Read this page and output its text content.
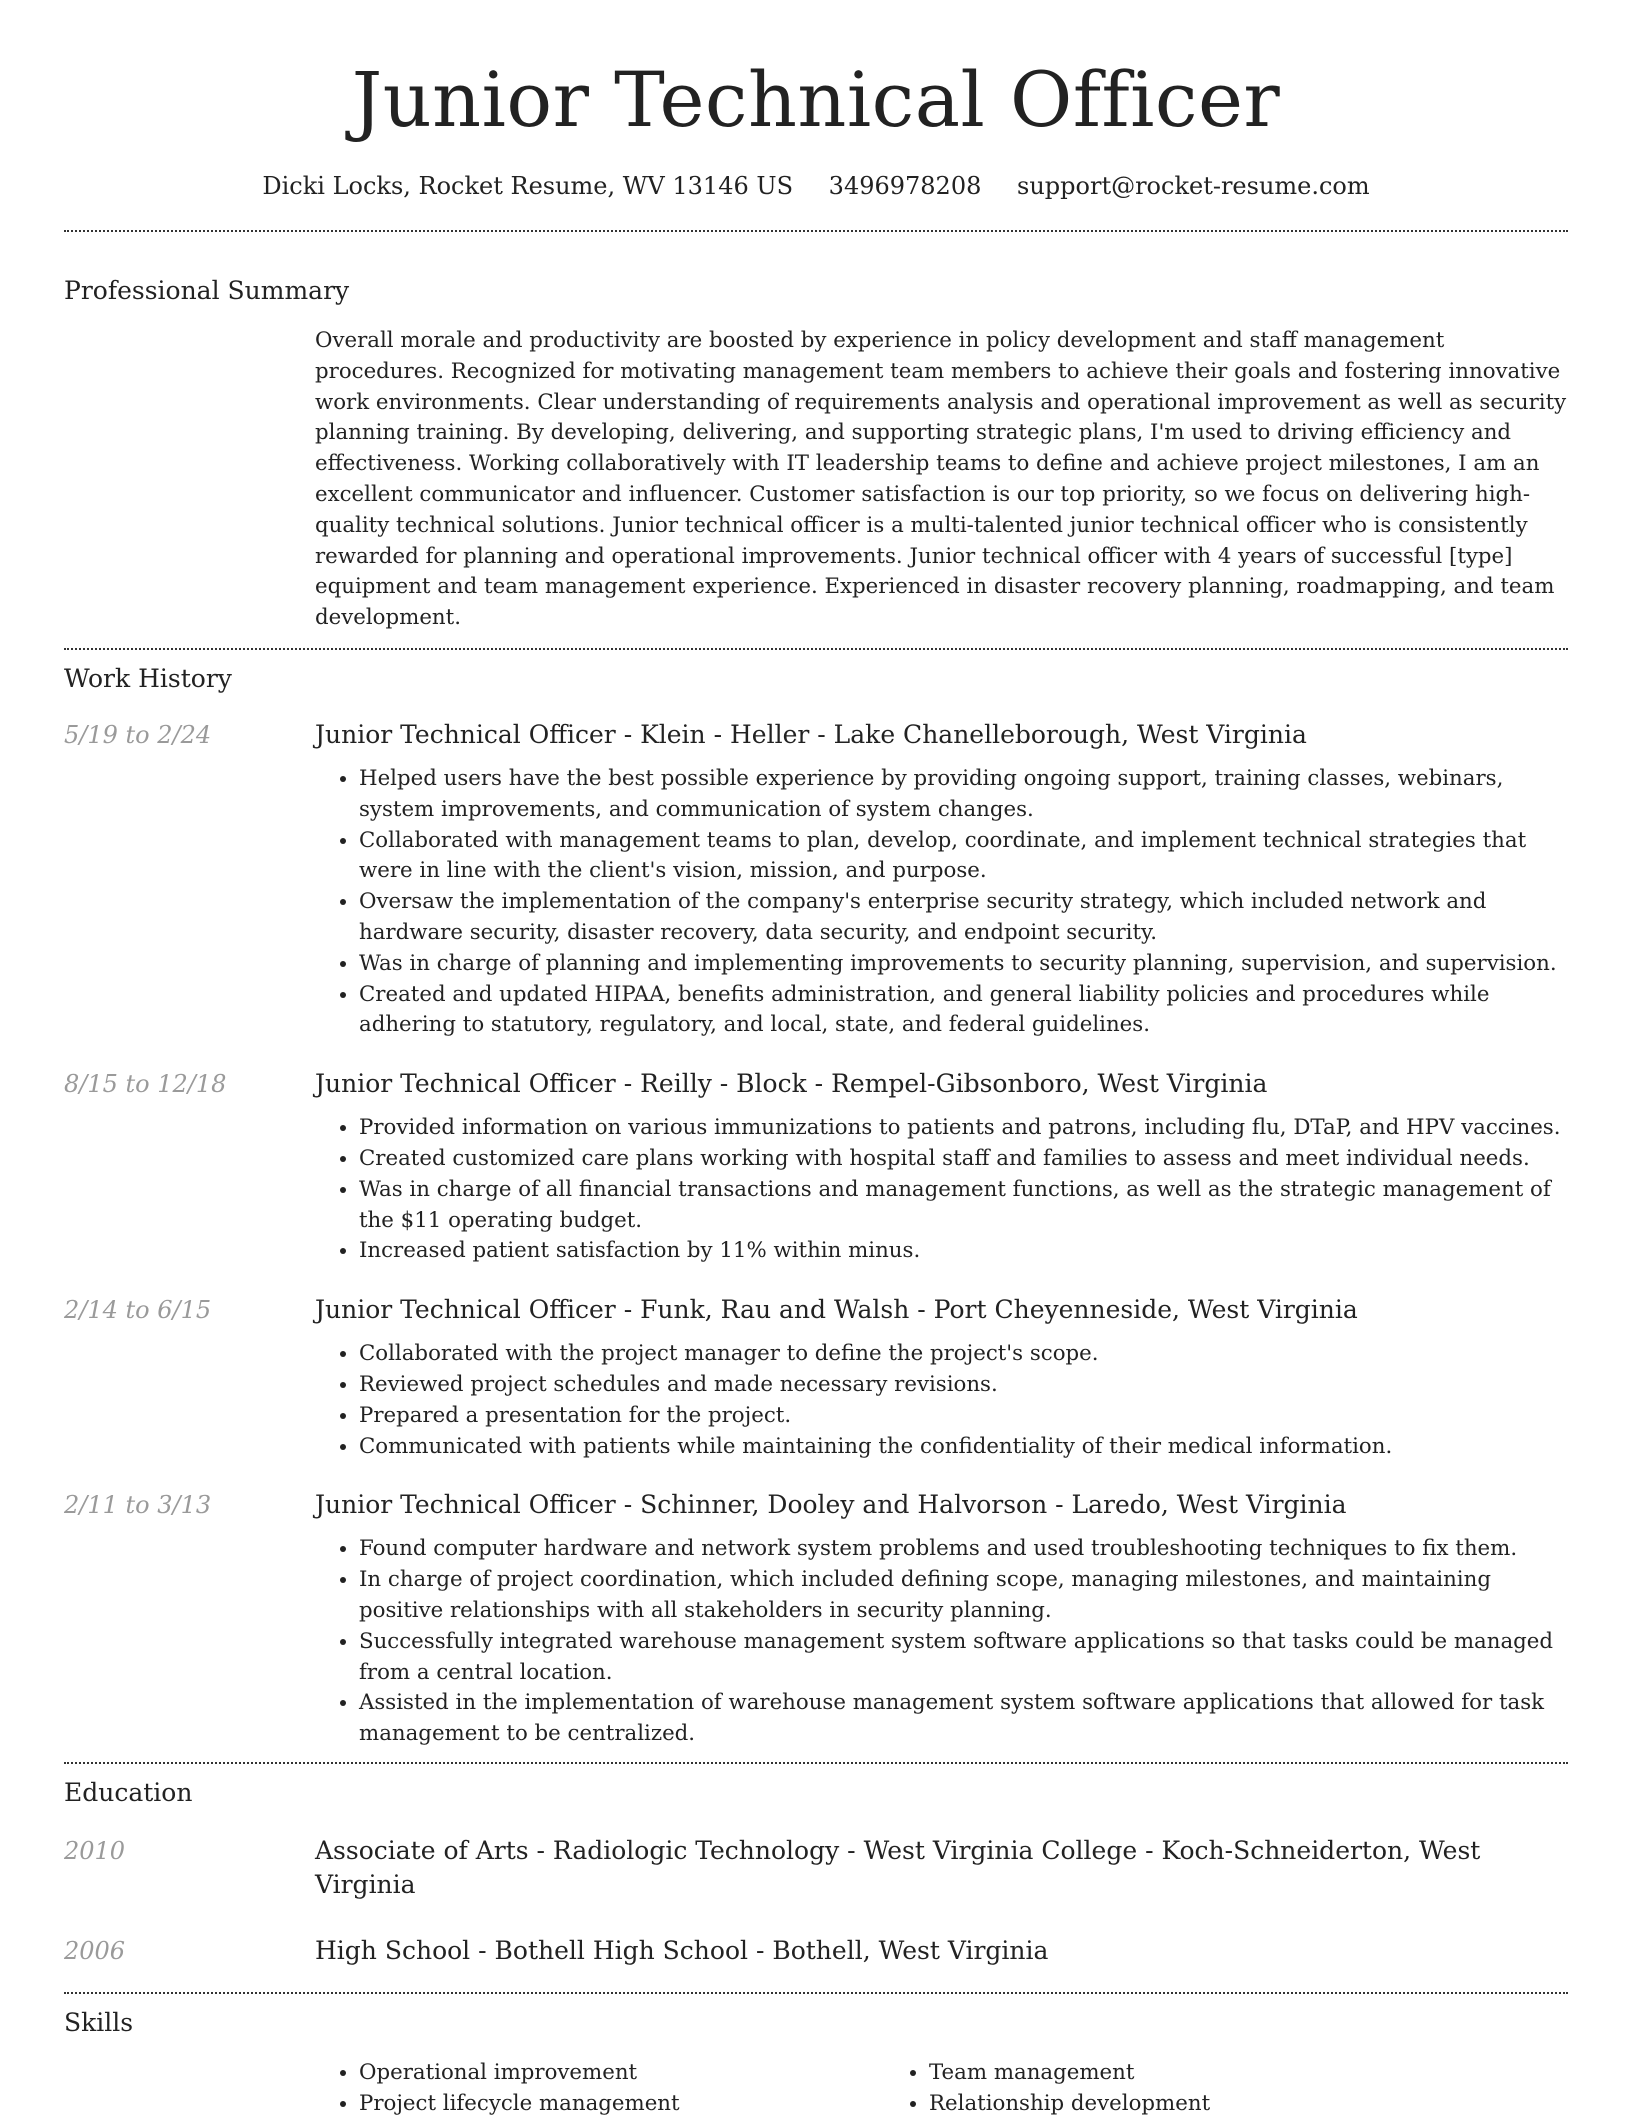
Junior Technical Officer
Dicki Locks, Rocket Resume, WV 13146 US 3496978208 support@rocket-resume.com
Professional Summary
Overall morale and productivity are boosted by experience in policy development and staff management procedures. Recognized for motivating management team members to achieve their goals and fostering innovative work environments. Clear understanding of requirements analysis and operational improvement as well as security planning training. By developing, delivering, and supporting strategic plans, I'm used to driving efficiency and effectiveness. Working collaboratively with IT leadership teams to define and achieve project milestones, I am an excellent communicator and influencer. Customer satisfaction is our top priority, so we focus on delivering high-quality technical solutions. Junior technical officer is a multi-talented junior technical officer who is consistently rewarded for planning and operational improvements. Junior technical officer with 4 years of successful [type] equipment and team management experience. Experienced in disaster recovery planning, roadmapping, and team development.
Work History
5/19 to 2/24	Junior Technical Officer - Klein - Heller - Lake Chanelleborough, West Virginia
• Helped users have the best possible experience by providing ongoing support, training classes, webinars, system improvements, and communication of system changes.
• Collaborated with management teams to plan, develop, coordinate, and implement technical strategies that were in line with the client's vision, mission, and purpose.
• Oversaw the implementation of the company's enterprise security strategy, which included network and hardware security, disaster recovery, data security, and endpoint security.
• Was in charge of planning and implementing improvements to security planning, supervision, and supervision.
• Created and updated HIPAA, benefits administration, and general liability policies and procedures while adhering to statutory, regulatory, and local, state, and federal guidelines.
8/15 to 12/18	Junior Technical Officer - Reilly - Block - Rempel-Gibsonboro, West Virginia
• Provided information on various immunizations to patients and patrons, including flu, DTaP, and HPV vaccines.
• Created customized care plans working with hospital staff and families to assess and meet individual needs.
• Was in charge of all financial transactions and management functions, as well as the strategic management of the $11 operating budget.
• Increased patient satisfaction by 11% within minus.
2/14 to 6/15	Junior Technical Officer - Funk, Rau and Walsh - Port Cheyenneside, West Virginia
• Collaborated with the project manager to define the project's scope.
• Reviewed project schedules and made necessary revisions.
• Prepared a presentation for the project.
• Communicated with patients while maintaining the confidentiality of their medical information.
2/11 to 3/13	Junior Technical Officer - Schinner, Dooley and Halvorson - Laredo, West Virginia
• Found computer hardware and network system problems and used troubleshooting techniques to fix them.
• In charge of project coordination, which included defining scope, managing milestones, and maintaining positive relationships with all stakeholders in security planning.
• Successfully integrated warehouse management system software applications so that tasks could be managed from a central location.
• Assisted in the implementation of warehouse management system software applications that allowed for task management to be centralized.
Education
2010	Associate of Arts - Radiologic Technology - West Virginia College - Koch-Schneiderton, West Virginia
2006	High School - Bothell High School - Bothell, West Virginia
Skills
• Operational improvement
• Project lifecycle management
• Team management
• Relationship development
